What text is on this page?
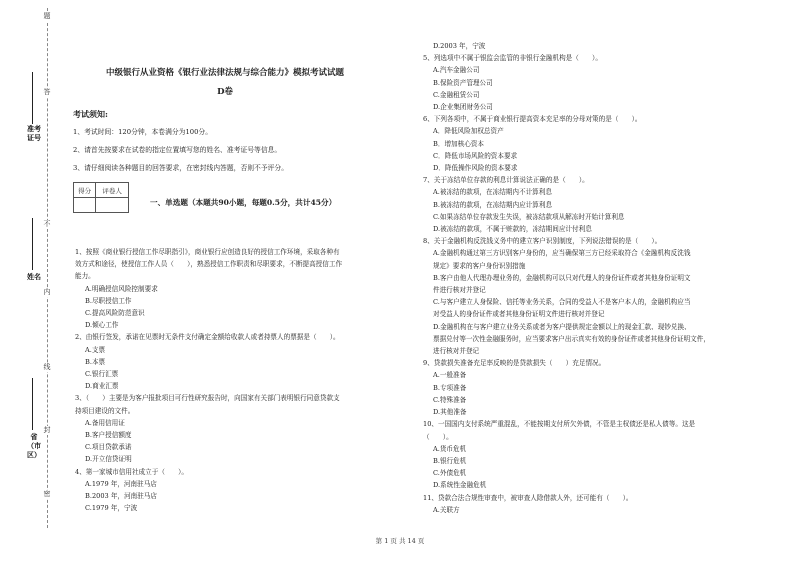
题
答
不
内
线
封
密
准考证号
姓名
省（市区）
中级银行从业资格《银行业法律法规与综合能力》模拟考试试题
D卷
考试须知:
1、考试时间：120分钟，本卷满分为100分。
2、请首先按要求在试卷的指定位置填写您的姓名、准考证号等信息。
3、请仔细阅读各种题目的回答要求，在密封线内答题，否则不予评分。
得分	评卷人

一、单选题（本题共90小题，每题0.5分，共计45分）
1、按照《商业银行授信工作尽职指引》，商业银行应创造良好的授信工作环境，采取各种有
效方式和途径，使授信工作人员（　　），熟悉授信工作职责和尽职要求，不断提高授信工作
能力。
A.明确授信风险控制要求
B.尽职授信工作
C.提高风险防范意识
D.倾心工作
2、由银行签发，承诺在见票时无条件支付确定金额给收款人或者持票人的票据是（　　）。
A.支票
B.本票
C.银行汇票
D.商业汇票
3、（　　）主要是为客户报批项目可行性研究报告时，向国家有关部门表明银行同意贷款支
持项目建设的文件。
A.备用信用证
B.客户授信额度
C.项目贷款承诺
D.开立信贷证明
4、第一家城市信用社成立于（　　）。
A.1979 年，河南驻马店
B.2003 年，河南驻马店
C.1979 年，宁波
D.2003 年，宁波
5、列选项中不属于银监会监管的非银行金融机构是（　　）。
A.汽车金融公司
B.保险资产管理公司
C.金融租赁公司
D.企业集团财务公司
6、下列各项中，不属于商业银行提高资本充足率的分母对策的是（　　）。
A．降低风险加权总资产
B．增加核心资本
C．降低市场风险的资本要求
D．降低操作风险的资本要求
7、关于冻结单位存款的利息计算说法正确的是（　　）。
A.被冻结的款项，在冻结期内不计算利息
B.被冻结的款项，在冻结期内应计算利息
C.如果冻结单位存款发生失误，被冻结款项从解冻时开始计算利息
D.被冻结的款项，不属于赃款的，冻结期间应计付利息
8、关于金融机构反洗钱义务中的建立客户识别制度，下列说法错误的是（　　）。
A.金融机构通过第三方识别客户身份的，应当确保第三方已经采取符合《金融机构反洗钱
规定》要求的客户身份识别措施
B.客户由他人代理办理业务的，金融机构可以只对代理人的身份证件或者其他身份证明文
件进行核对并登记
C.与客户建立人身保险、信托等业务关系，合同的受益人不是客户本人的，金融机构应当
对受益人的身份证件或者其他身份证明文件进行核对并登记
D.金融机构在与客户建立业务关系或者为客户提供规定金额以上的现金汇款、现钞兑换、
票据兑付等一次性金融服务时，应当要求客户出示真实有效的身份证件或者其他身份证明文件，
进行核对并登记
9、贷款损失准备充足率反映的是贷款损失（　　）充足情况。
A.一般准备
B.专项准备
C.特殊准备
D.其他准备
10、一国国内支付系统严重混乱，不能按期支付所欠外债，不管是主权债还是私人债等。这是
（　　）。
A.货币危机
B.银行危机
C.外债危机
D.系统性金融危机
11、贷款合法合规性审查中，被审查人除借款人外，还可能有（　　）。
A.关联方
第 1 页 共 14 页
